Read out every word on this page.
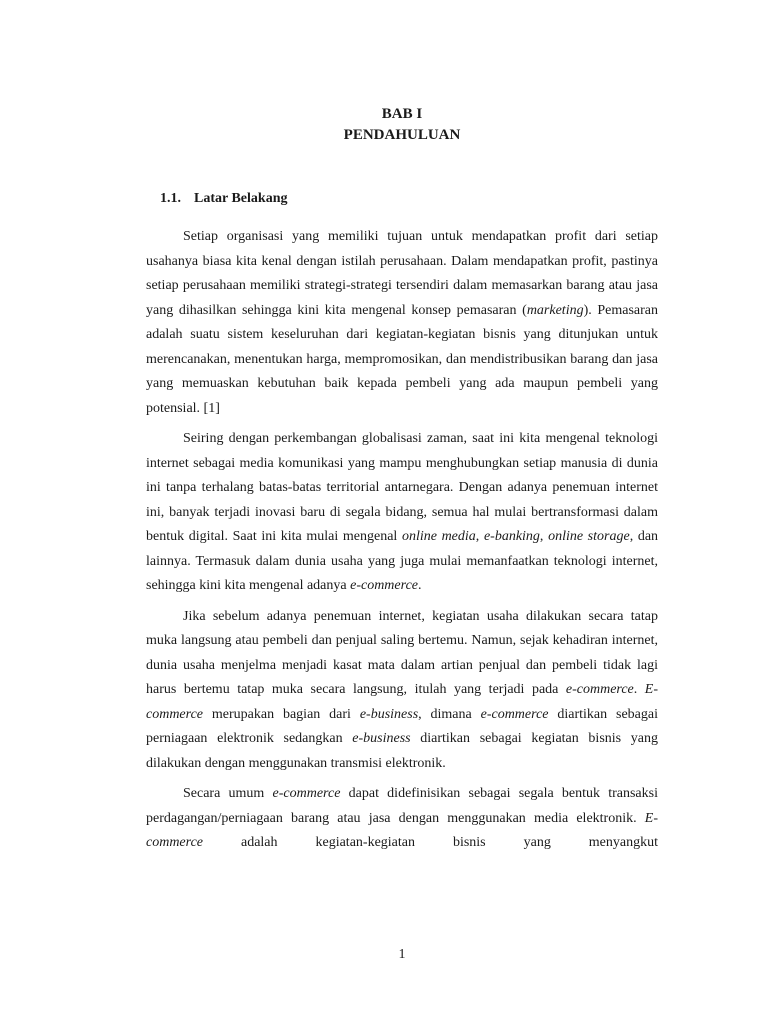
BAB I
PENDAHULUAN
1.1. Latar Belakang

Setiap organisasi yang memiliki tujuan untuk mendapatkan profit dari setiap usahanya biasa kita kenal dengan istilah perusahaan. Dalam mendapatkan profit, pastinya setiap perusahaan memiliki strategi-strategi tersendiri dalam memasarkan barang atau jasa yang dihasilkan sehingga kini kita mengenal konsep pemasaran (marketing). Pemasaran adalah suatu sistem keseluruhan dari kegiatan-kegiatan bisnis yang ditunjukan untuk merencanakan, menentukan harga, mempromosikan, dan mendistribusikan barang dan jasa yang memuaskan kebutuhan baik kepada pembeli yang ada maupun pembeli yang potensial. [1]

Seiring dengan perkembangan globalisasi zaman, saat ini kita mengenal teknologi internet sebagai media komunikasi yang mampu menghubungkan setiap manusia di dunia ini tanpa terhalang batas-batas territorial antarnegara. Dengan adanya penemuan internet ini, banyak terjadi inovasi baru di segala bidang, semua hal mulai bertransformasi dalam bentuk digital. Saat ini kita mulai mengenal online media, e-banking, online storage, dan lainnya. Termasuk dalam dunia usaha yang juga mulai memanfaatkan teknologi internet, sehingga kini kita mengenal adanya e-commerce.

Jika sebelum adanya penemuan internet, kegiatan usaha dilakukan secara tatap muka langsung atau pembeli dan penjual saling bertemu. Namun, sejak kehadiran internet, dunia usaha menjelma menjadi kasat mata dalam artian penjual dan pembeli tidak lagi harus bertemu tatap muka secara langsung, itulah yang terjadi pada e-commerce. E-commerce merupakan bagian dari e-business, dimana e-commerce diartikan sebagai perniagaan elektronik sedangkan e-business diartikan sebagai kegiatan bisnis yang dilakukan dengan menggunakan transmisi elektronik.

Secara umum e-commerce dapat didefinisikan sebagai segala bentuk transaksi perdagangan/perniagaan barang atau jasa dengan menggunakan media elektronik. E-commerce adalah kegiatan-kegiatan bisnis yang menyangkut

1
